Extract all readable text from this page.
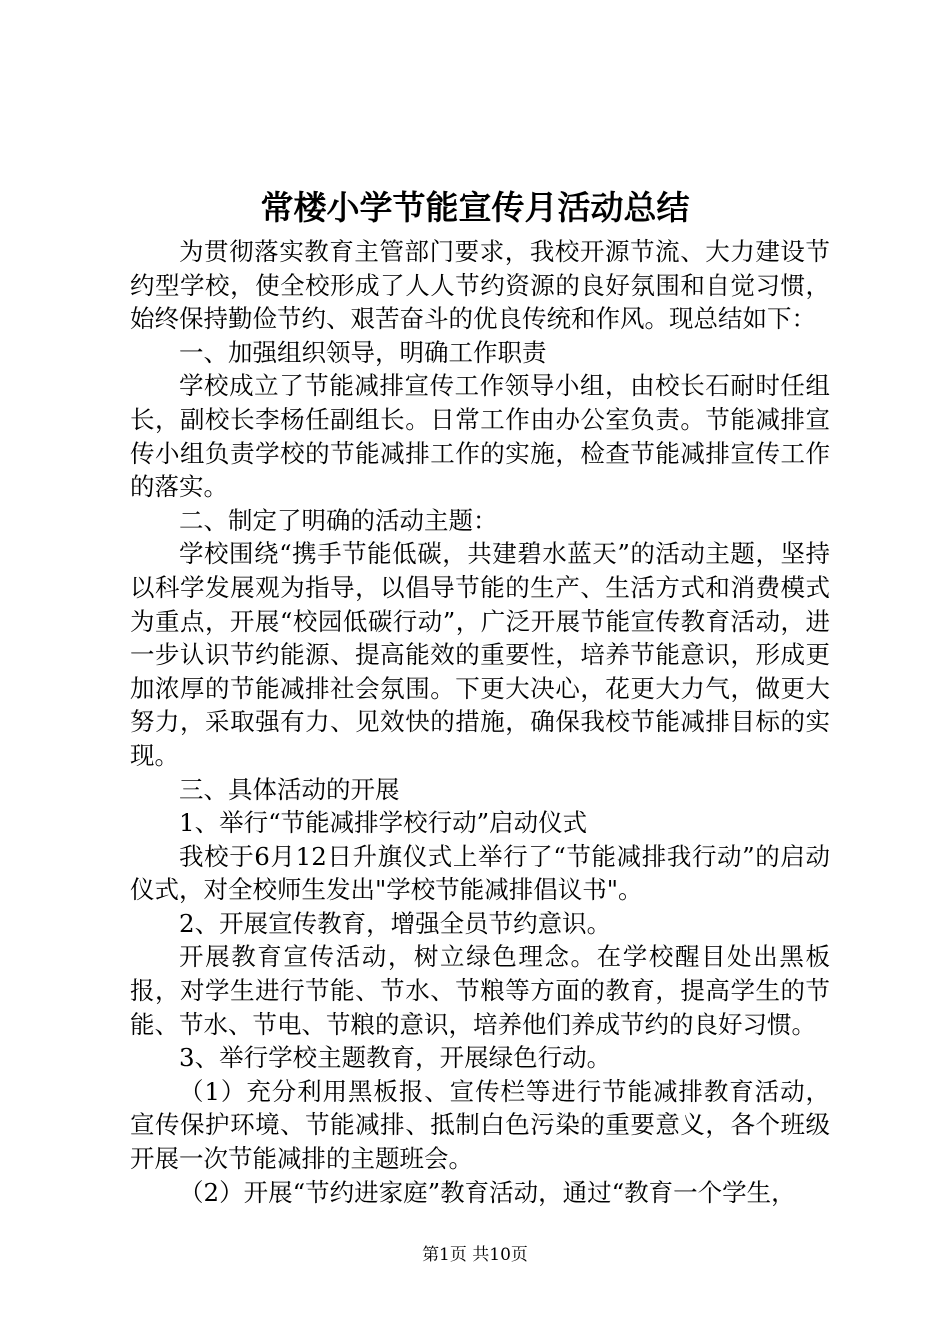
常楼小学节能宣传月活动总结

为贯彻落实教育主管部门要求，我校开源节流、大力建设节约型学校，使全校形成了人人节约资源的良好氛围和自觉习惯，始终保持勤俭节约、艰苦奋斗的优良传统和作风。现总结如下：

一、加强组织领导，明确工作职责

学校成立了节能减排宣传工作领导小组，由校长石耐时任组长，副校长李杨任副组长。日常工作由办公室负责。节能减排宣传小组负责学校的节能减排工作的实施，检查节能减排宣传工作的落实。

二、制定了明确的活动主题：

学校围绕“携手节能低碳，共建碧水蓝天”的活动主题，坚持以科学发展观为指导，以倡导节能的生产、生活方式和消费模式为重点，开展“校园低碳行动”，广泛开展节能宣传教育活动，进一步认识节约能源、提高能效的重要性，培养节能意识，形成更加浓厚的节能减排社会氛围。下更大决心，花更大力气，做更大努力，采取强有力、见效快的措施，确保我校节能减排目标的实现。

三、具体活动的开展

1、举行“节能减排学校行动”启动仪式

我校于6月12日升旗仪式上举行了“节能减排我行动”的启动仪式，对全校师生发出"学校节能减排倡议书"。

2、开展宣传教育，增强全员节约意识。

开展教育宣传活动，树立绿色理念。在学校醒目处出黑板报，对学生进行节能、节水、节粮等方面的教育，提高学生的节能、节水、节电、节粮的意识，培养他们养成节约的良好习惯。

3、举行学校主题教育，开展绿色行动。

（1）充分利用黑板报、宣传栏等进行节能减排教育活动，宣传保护环境、节能减排、抵制白色污染的重要意义，各个班级开展一次节能减排的主题班会。

（2）开展“节约进家庭”教育活动，通过“教育一个学生，

第1页 共10页
